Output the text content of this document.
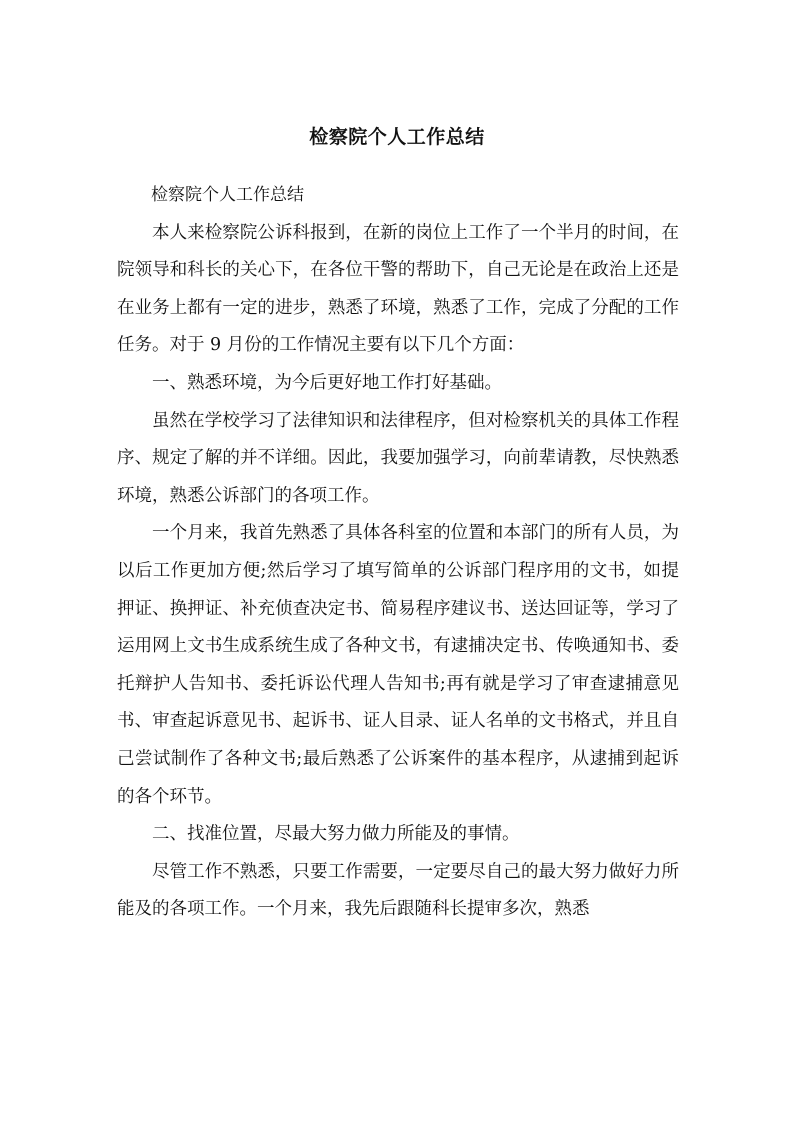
检察院个人工作总结

检察院个人工作总结

本人来检察院公诉科报到，在新的岗位上工作了一个半月的时间，在院领导和科长的关心下，在各位干警的帮助下，自己无论是在政治上还是在业务上都有一定的进步，熟悉了环境，熟悉了工作，完成了分配的工作任务。对于 9 月份的工作情况主要有以下几个方面：

一、熟悉环境，为今后更好地工作打好基础。

虽然在学校学习了法律知识和法律程序，但对检察机关的具体工作程序、规定了解的并不详细。因此，我要加强学习，向前辈请教，尽快熟悉环境，熟悉公诉部门的各项工作。

一个月来，我首先熟悉了具体各科室的位置和本部门的所有人员，为以后工作更加方便;然后学习了填写简单的公诉部门程序用的文书，如提押证、换押证、补充侦查决定书、简易程序建议书、送达回证等，学习了运用网上文书生成系统生成了各种文书，有逮捕决定书、传唤通知书、委托辩护人告知书、委托诉讼代理人告知书;再有就是学习了审查逮捕意见书、审查起诉意见书、起诉书、证人目录、证人名单的文书格式，并且自己尝试制作了各种文书;最后熟悉了公诉案件的基本程序，从逮捕到起诉的各个环节。

二、找准位置，尽最大努力做力所能及的事情。

尽管工作不熟悉，只要工作需要，一定要尽自己的最大努力做好力所能及的各项工作。一个月来，我先后跟随科长提审多次，熟悉
